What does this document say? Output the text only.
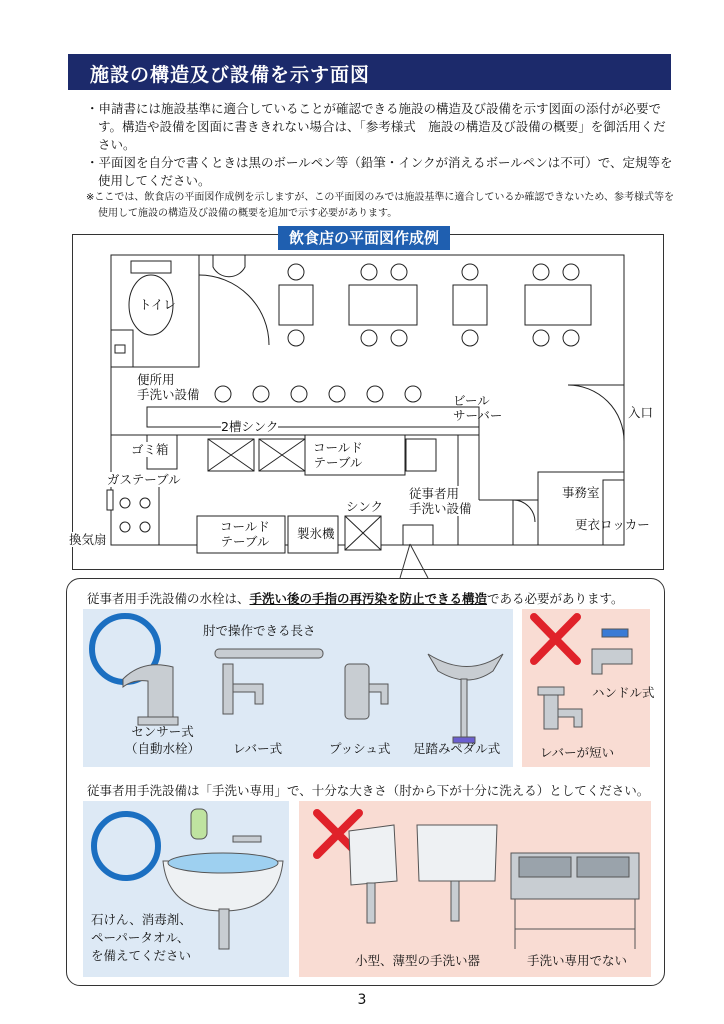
施設の構造及び設備を示す面図

・申請書には施設基準に適合していることが確認できる施設の構造及び設備を示す図面の添付が必要です。構造や設備を図面に書ききれない場合は、「参考様式　施設の構造及び設備の概要」を御活用ください。

・平面図を自分で書くときは黒のボールペン等（鉛筆・インクが消えるボールペンは不可）で、定規等を使用してください。

※ここでは、飲食店の平面図作成例を示しますが、この平面図のみでは施設基準に適合しているか確認できないため、参考様式等を使用して施設の構造及び設備の概要を追加で示す必要があります。

飲食店の平面図作成例
トイレ
便所用
手洗い設備
2槽シンク
コールド
テーブル
ビール
サーバー	入口
ゴミ箱
ガステーブル
換気扇
コールド
テーブル
製氷機
シンク
従事者用
手洗い設備
事務室
更衣ロッカー
従事者用手洗設備の水栓は、手洗い後の手指の再汚染を防止できる構造である必要があります。
肘で操作できる長さ
センサー式
（自動水栓）	レバー式	プッシュ式 足踏みペダル式
ハンドル式
レバーが短い
従事者用手洗設備は「手洗い専用」で、十分な大きさ（肘から下が十分に洗える）としてください。
石けん、消毒剤、
ペーパータオル、
を備えてください	小型、薄型の手洗い器	手洗い専用でない
3
